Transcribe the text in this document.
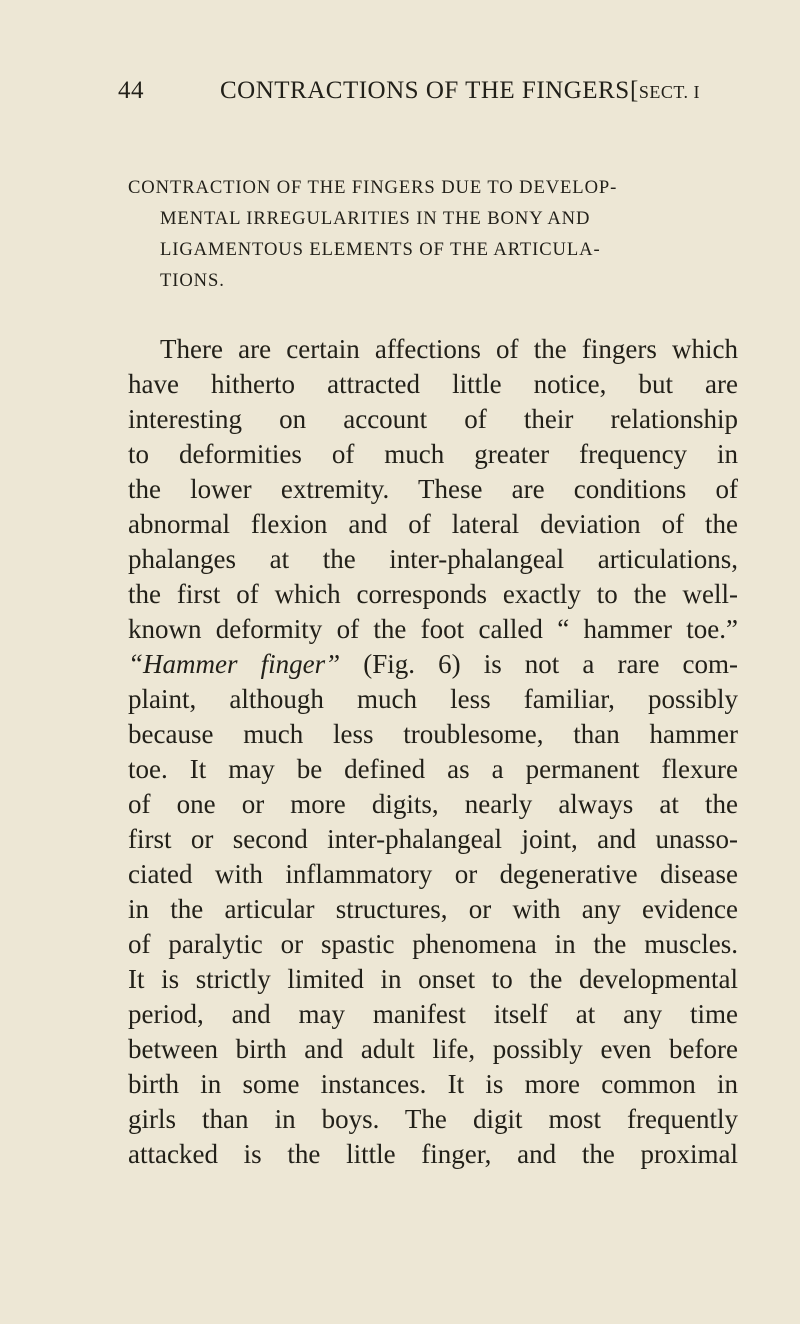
44	CONTRACTIONS OF THE FINGERS [SECT. I
CONTRACTION OF THE FINGERS DUE TO DEVELOP-
MENTAL IRREGULARITIES IN THE BONY AND
LIGAMENTOUS ELEMENTS OF THE ARTICULA-
TIONS.

There are certain affections of the fingers which
have hitherto attracted little notice, but are
interesting on account of their relationship
to deformities of much greater frequency in
the lower extremity. These are conditions of
abnormal flexion and of lateral deviation of the
phalanges at the inter-phalangeal articulations,
the first of which corresponds exactly to the well-
known deformity of the foot called “ hammer toe.”
“Hammer finger” (Fig. 6) is not a rare com-
plaint, although much less familiar, possibly
because much less troublesome, than hammer
toe. It may be defined as a permanent flexure
of one or more digits, nearly always at the
first or second inter-phalangeal joint, and unasso-
ciated with inflammatory or degenerative disease
in the articular structures, or with any evidence
of paralytic or spastic phenomena in the muscles.
It is strictly limited in onset to the developmental
period, and may manifest itself at any time
between birth and adult life, possibly even before
birth in some instances. It is more common in
girls than in boys. The digit most frequently
attacked is the little finger, and the proximal
